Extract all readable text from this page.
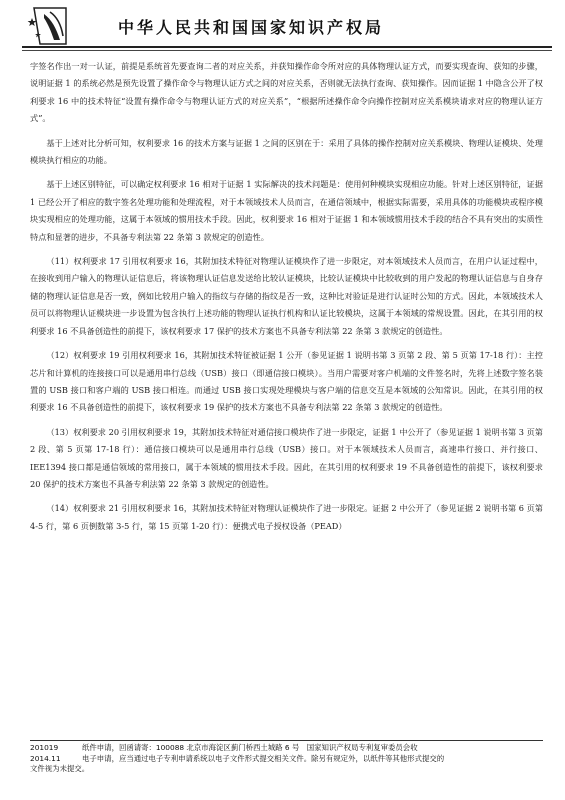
中华人民共和国国家知识产权局

字签名作出一对一认证，前提是系统首先要查询二者的对应关系，并获知操作命令所对应的具体物理认证方式，而要实现查询、获知的步骤，说明证据 1 的系统必然是预先设置了操作命令与物理认证方式之间的对应关系，否则就无法执行查询、获知操作。因而证据 1 中隐含公开了权利要求 16 中的技术特征“设置有操作命令与物理认证方式的对应关系”，“根据所述操作命令向操作控制对应关系模块请求对应的物理认证方式”。

基于上述对比分析可知，权利要求 16 的技术方案与证据 1 之间的区别在于：采用了具体的操作控制对应关系模块、物理认证模块、处理模块执行相应的功能。

基于上述区别特征，可以确定权利要求 16 相对于证据 1 实际解决的技术问题是：使用何种模块实现相应功能。针对上述区别特征，证据 1 已经公开了相应的数字签名处理功能和处理流程，对于本领域技术人员而言，在通信领域中，根据实际需要，采用具体的功能模块或程序模块实现相应的处理功能，这属于本领域的惯用技术手段。因此，权利要求 16 相对于证据 1 和本领域惯用技术手段的结合不具有突出的实质性特点和显著的进步，不具备专利法第 22 条第 3 款规定的创造性。

（11）权利要求 17 引用权利要求 16，其附加技术特征对物理认证模块作了进一步限定，对本领域技术人员而言，在用户认证过程中，在接收到用户输入的物理认证信息后，将该物理认证信息发送给比较认证模块，比较认证模块中比较收到的用户发起的物理认证信息与自身存储的物理认证信息是否一致，例如比较用户输入的指纹与存储的指纹是否一致，这种比对验证是进行认证时公知的方式。因此，本领域技术人员可以将物理认证模块进一步设置为包含执行上述功能的物理认证执行机构和认证比较模块，这属于本领域的常规设置。因此，在其引用的权利要求 16 不具备创造性的前提下，该权利要求 17 保护的技术方案也不具备专利法第 22 条第 3 款规定的创造性。

（12）权利要求 19 引用权利要求 16，其附加技术特征被证据 1 公开（参见证据 1 说明书第 3 页第 2 段、第 5 页第 17-18 行）：主控芯片和计算机的连接接口可以是通用串行总线（USB）接口（即通信接口模块）。当用户需要对客户机端的文件签名时，先将上述数字签名装置的 USB 接口和客户端的 USB 接口相连。而通过 USB 接口实现处理模块与客户端的信息交互是本领域的公知常识。因此，在其引用的权利要求 16 不具备创造性的前提下，该权利要求 19 保护的技术方案也不具备专利法第 22 条第 3 款规定的创造性。

（13）权利要求 20 引用权利要求 19，其附加技术特征对通信接口模块作了进一步限定，证据 1 中公开了（参见证据 1 说明书第 3 页第 2 段、第 5 页第 17-18 行）：通信接口模块可以是通用串行总线（USB）接口。对于本领域技术人员而言，高速串行接口、并行接口、IEE1394 接口都是通信领域的常用接口，属于本领域的惯用技术手段。因此，在其引用的权利要求 19 不具备创造性的前提下，该权利要求 20 保护的技术方案也不具备专利法第 22 条第 3 款规定的创造性。

（14）权利要求 21 引用权利要求 16，其附加技术特征对物理认证模块作了进一步限定。证据 2 中公开了（参见证据 2 说明书第 6 页第 4-5 行，第 6 页倒数第 3-5 行，第 15 页第 1-20 行）：便携式电子授权设备（PEAD）

201019	纸件申请，回函请寄：100088 北京市海淀区蓟门桥西土城路 6 号　国家知识产权局专利复审委员会收
2014.11	电子申请，应当通过电子专利申请系统以电子文件形式提交相关文件。除另有规定外，以纸件等其他形式提交的
文件视为未提交。
